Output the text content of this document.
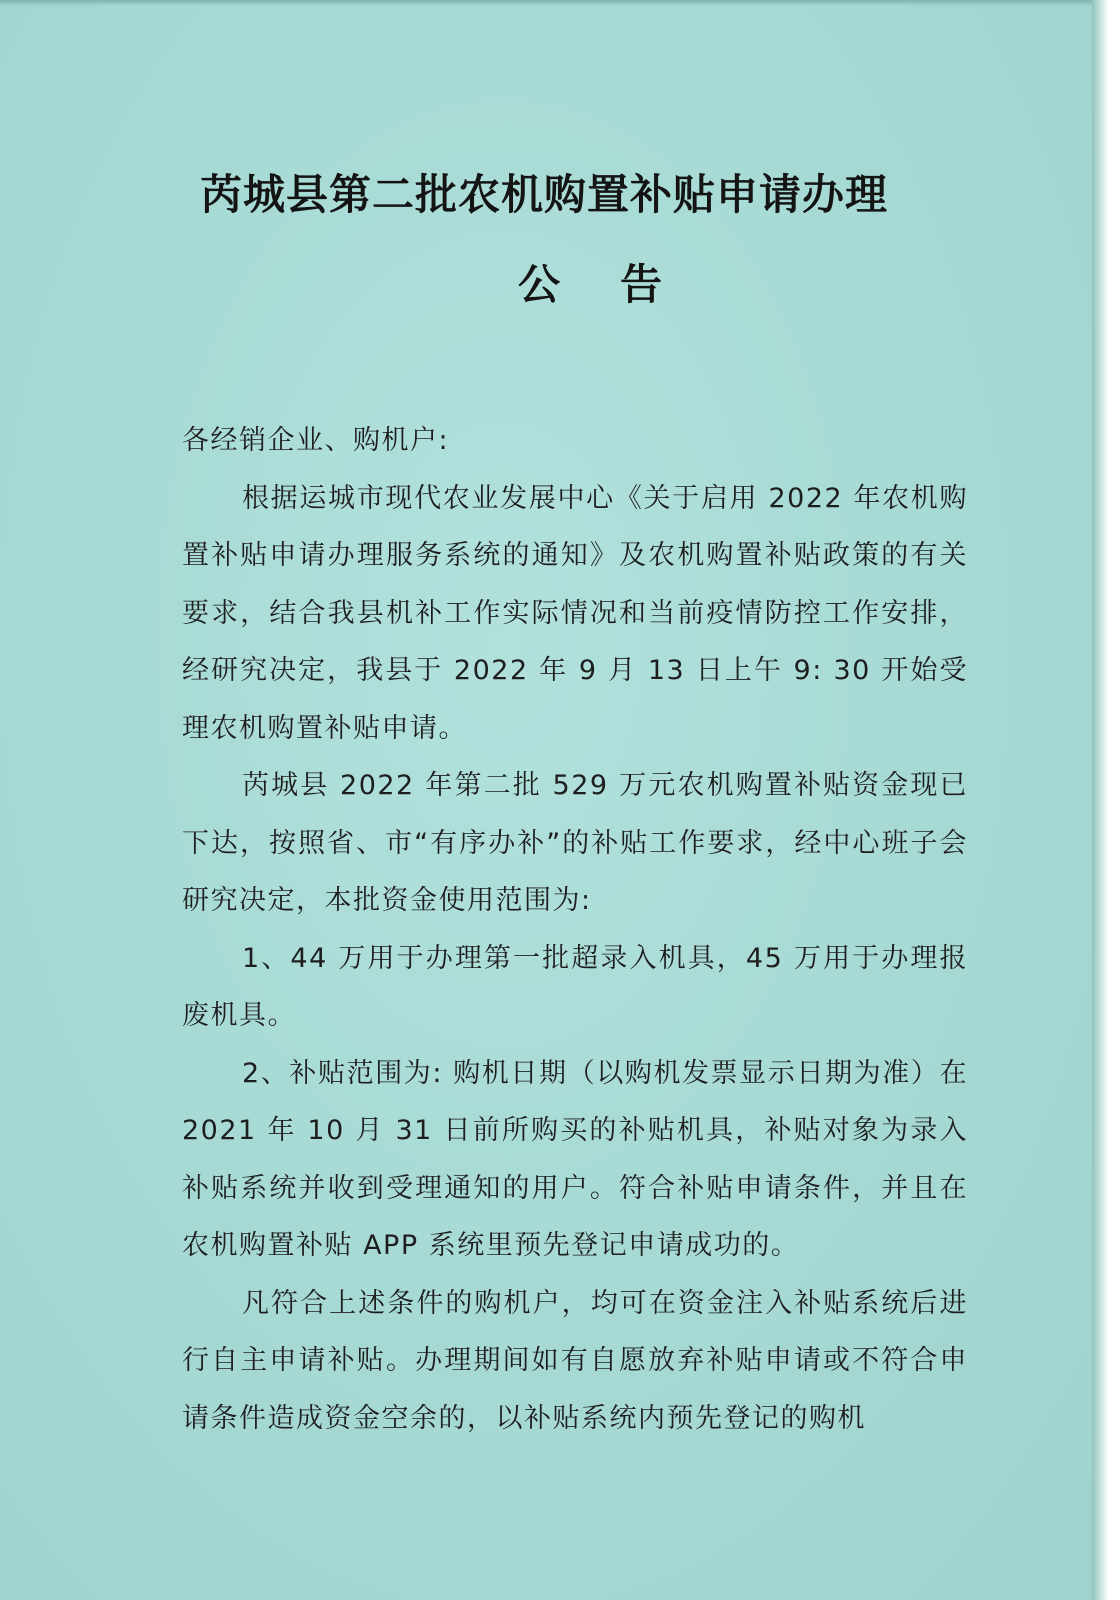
芮城县第二批农机购置补贴申请办理
公告

各经销企业、购机户:

根据运城市现代农业发展中心《关于启用 2022 年农机购置补贴申请办理服务系统的通知》及农机购置补贴政策的有关要求，结合我县机补工作实际情况和当前疫情防控工作安排，经研究决定，我县于 2022 年 9 月 13 日上午 9: 30 开始受理农机购置补贴申请。

芮城县 2022 年第二批 529 万元农机购置补贴资金现已下达，按照省、市“有序办补”的补贴工作要求，经中心班子会研究决定，本批资金使用范围为:

1、44 万用于办理第一批超录入机具，45 万用于办理报废机具。

2、补贴范围为: 购机日期（以购机发票显示日期为准）在 2021 年 10 月 31 日前所购买的补贴机具，补贴对象为录入补贴系统并收到受理通知的用户。符合补贴申请条件，并且在农机购置补贴 APP 系统里预先登记申请成功的。

凡符合上述条件的购机户，均可在资金注入补贴系统后进行自主申请补贴。办理期间如有自愿放弃补贴申请或不符合申请条件造成资金空余的，以补贴系统内预先登记的购机
